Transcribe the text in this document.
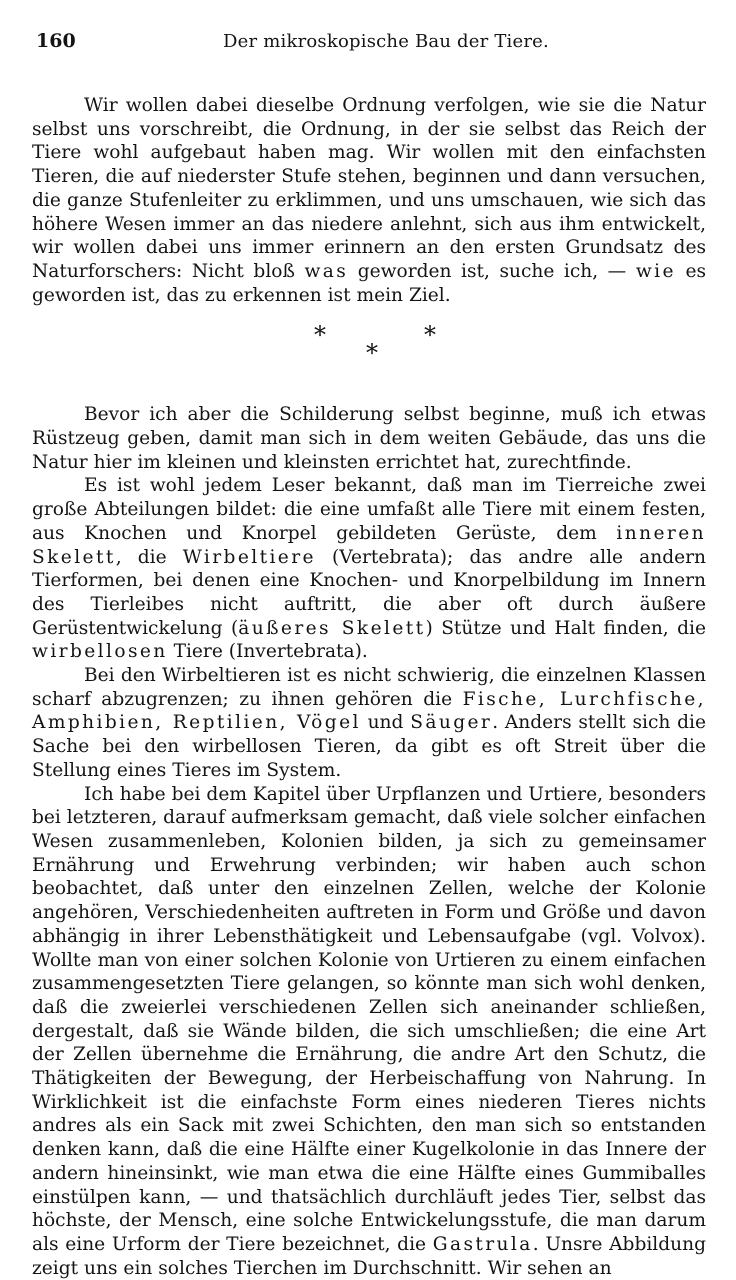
160	Der mikroskopische Bau der Tiere.

Wir wollen dabei dieselbe Ordnung verfolgen, wie sie die Natur selbst uns vorschreibt, die Ordnung, in der sie selbst das Reich der Tiere wohl aufgebaut haben mag. Wir wollen mit den einfachsten Tieren, die auf niederster Stufe stehen, beginnen und dann versuchen, die ganze Stufenleiter zu erklimmen, und uns umschauen, wie sich das höhere Wesen immer an das niedere anlehnt, sich aus ihm entwickelt, wir wollen dabei uns immer erinnern an den ersten Grundsatz des Naturforschers: Nicht bloß was geworden ist, suche ich, — wie es geworden ist, das zu erkennen ist mein Ziel.

*	*
*

Bevor ich aber die Schilderung selbst beginne, muß ich etwas Rüstzeug geben, damit man sich in dem weiten Gebäude, das uns die Natur hier im kleinen und kleinsten errichtet hat, zurechtfinde.

Es ist wohl jedem Leser bekannt, daß man im Tierreiche zwei große Abteilungen bildet: die eine umfaßt alle Tiere mit einem festen, aus Knochen und Knorpel gebildeten Gerüste, dem inneren Skelett, die Wirbeltiere (Vertebrata); das andre alle andern Tierformen, bei denen eine Knochen- und Knorpelbildung im Innern des Tierleibes nicht auftritt, die aber oft durch äußere Gerüstentwickelung (äußeres Skelett) Stütze und Halt finden, die wirbellosen Tiere (Invertebrata).

Bei den Wirbeltieren ist es nicht schwierig, die einzelnen Klassen scharf abzugrenzen; zu ihnen gehören die Fische, Lurchfische, Amphibien, Reptilien, Vögel und Säuger. Anders stellt sich die Sache bei den wirbellosen Tieren, da gibt es oft Streit über die Stellung eines Tieres im System.

Ich habe bei dem Kapitel über Urpflanzen und Urtiere, besonders bei letzteren, darauf aufmerksam gemacht, daß viele solcher einfachen Wesen zusammenleben, Kolonien bilden, ja sich zu gemeinsamer Ernährung und Erwehrung verbinden; wir haben auch schon beobachtet, daß unter den einzelnen Zellen, welche der Kolonie angehören, Verschiedenheiten auftreten in Form und Größe und davon abhängig in ihrer Lebensthätigkeit und Lebensaufgabe (vgl. Volvox). Wollte man von einer solchen Kolonie von Urtieren zu einem einfachen zusammengesetzten Tiere gelangen, so könnte man sich wohl denken, daß die zweierlei verschiedenen Zellen sich aneinander schließen, dergestalt, daß sie Wände bilden, die sich umschließen; die eine Art der Zellen übernehme die Ernährung, die andre Art den Schutz, die Thätigkeiten der Bewegung, der Herbeischaffung von Nahrung. In Wirklichkeit ist die einfachste Form eines niederen Tieres nichts andres als ein Sack mit zwei Schichten, den man sich so entstanden denken kann, daß die eine Hälfte einer Kugelkolonie in das Innere der andern hineinsinkt, wie man etwa die eine Hälfte eines Gummiballes einstülpen kann, — und thatsächlich durchläuft jedes Tier, selbst das höchste, der Mensch, eine solche Entwickelungsstufe, die man darum als eine Urform der Tiere bezeichnet, die Gastrula. Unsre Abbildung zeigt uns ein solches Tierchen im Durchschnitt. Wir sehen an
